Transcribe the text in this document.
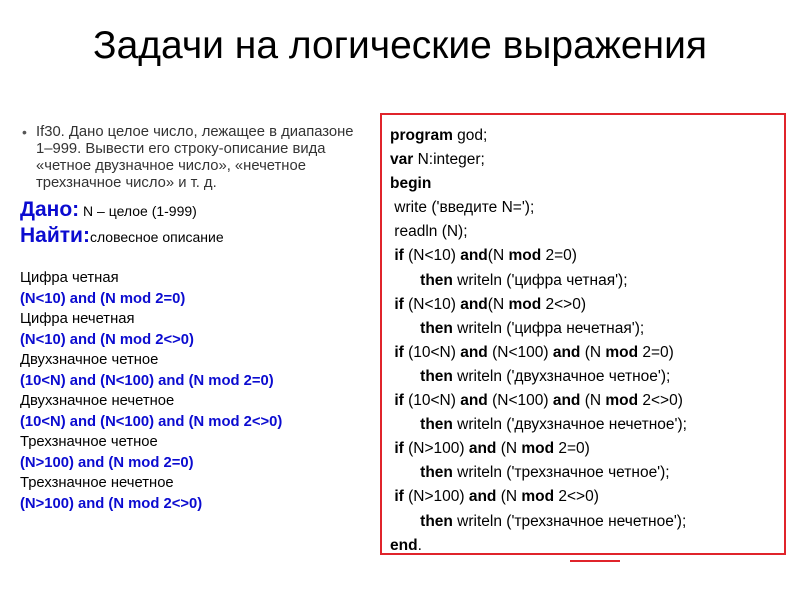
Задачи на логические выражения
• If30. Дано целое число, лежащее в диапазоне 1–999. Вывести его строку-описание вида «четное двузначное число», «нечетное трехзначное число» и т. д.
Дано: N – целое (1-999)
Найти:словесное описание
Цифра четная
(N<10) and (N mod 2=0)
Цифра нечетная
(N<10) and (N mod 2<>0)
Двухзначное четное
(10<N) and (N<100) and (N mod 2=0)
Двухзначное нечетное
(10<N) and (N<100) and (N mod 2<>0)
Трехзначное четное
(N>100) and (N mod 2=0)
Трехзначное нечетное
(N>100) and (N mod 2<>0)
program god;
var N:integer;
begin
write ('введите N=');
readln (N);
if (N<10) and(N mod 2=0)
then writeln ('цифра четная');
if (N<10) and(N mod 2<>0)
then writeln ('цифра нечетная');
if (10<N) and (N<100) and (N mod 2=0)
then writeln ('двухзначное четное');
if (10<N) and (N<100) and (N mod 2<>0)
then writeln ('двухзначное нечетное');
if (N>100) and (N mod 2=0)
then writeln ('трехзначное четное');
if (N>100) and (N mod 2<>0)
then writeln ('трехзначное нечетное');
end.
